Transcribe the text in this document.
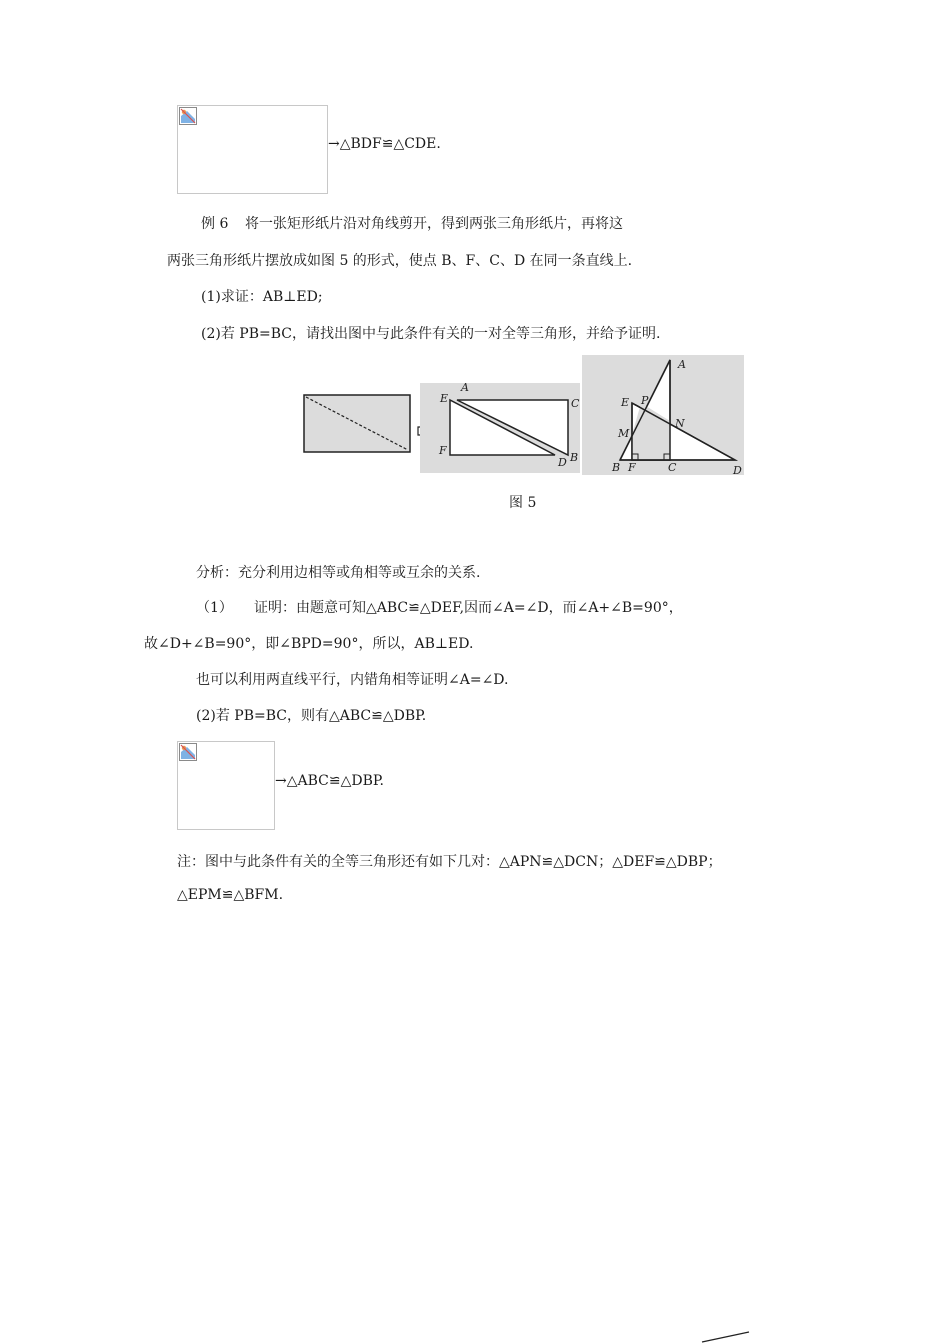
→△BDF≌△CDE.
例 6 将一张矩形纸片沿对角线剪开，得到两张三角形纸片，再将这
两张三角形纸片摆放成如图 5 的形式，使点 B、F、C、D 在同一条直线上.
(1)求证：AB⊥ED;
(2)若 PB=BC，请找出图中与此条件有关的一对全等三角形，并给予证明.
A
E	C
F
B
D
A
E P
N
M
B F	C	D
图 5
分析：充分利用边相等或角相等或互余的关系.
（1） 证明：由题意可知△ABC≌△DEF,因而∠A=∠D，而∠A+∠B=90°，
故∠D+∠B=90°，即∠BPD=90°，所以，AB⊥ED.
也可以利用两直线平行，内错角相等证明∠A=∠D.
(2)若 PB=BC，则有△ABC≌△DBP.
→△ABC≌△DBP.
注：图中与此条件有关的全等三角形还有如下几对：△APN≌△DCN；△DEF≌△DBP；
△EPM≌△BFM.
